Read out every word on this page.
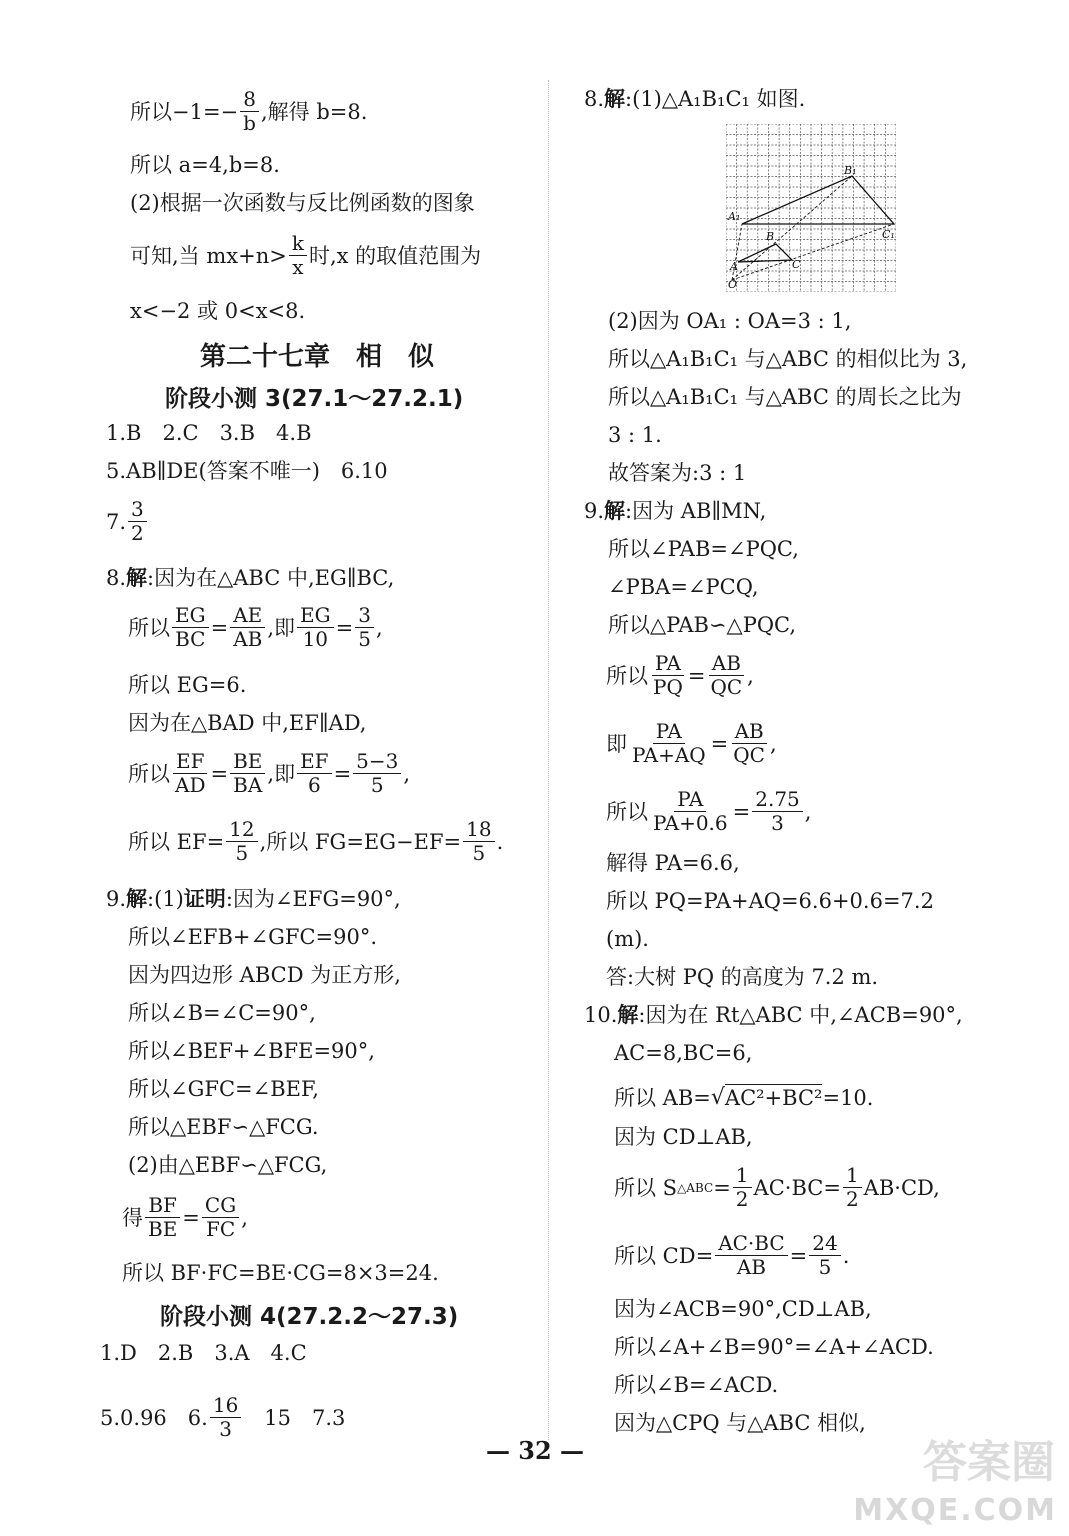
所以$-1=- \frac{8}{b}$ ,解得 b=8.
所以 a=4,b=8.
(2)根据一次函数与反比例函数的图象
可知,当 $mx+n> \frac{k}{x}$ 时,x 的取值范围为
x<−2 或 0<x<8.
第二十七章　相　似
阶段小测 3(27.1～27.2.1)
1.B　2.C　3.B　4.B
5.AB∥DE(答案不唯一)　6.10
7. $\frac{3}{2}$
8. 解 :因为在△ABC 中,EG∥BC,
所以 $\frac{EG}{BC} = \frac{AE}{AB}$ ,即 $\frac{EG}{10} = \frac{3}{5}$ ,
所以 EG=6.
因为在△BAD 中,EF∥AD,
所以 $\frac{EF}{AD} = \frac{BE}{BA}$ ,即 $\frac{EF}{6} = \frac{5-3}{5}$ ,
所以 $EF= \frac{12}{5}$ ,所以 $FG=EG-EF= \frac{18}{5}$ .
9. 解 :(1) 证明 :因为∠EFG=90°,
所以∠EFB+∠GFC=90°.
因为四边形 ABCD 为正方形,
所以∠B=∠C=90°,
所以∠BEF+∠BFE=90°,
所以∠GFC=∠BEF,
所以△EBF∽△FCG.
(2)由△EBF∽△FCG,
得 $\frac{BF}{BE} = \frac{CG}{FC}$ ,
所以 BF·FC=BE·CG=8×3=24.
阶段小测 4(27.2.2～27.3)
1.D　2.B　3.A　4.C
5.0.96　6. $\frac{16}{3}$ 　15　7.3
8. 解 :(1)△A₁B₁C₁ 如图.
B₁
A₁
C₁
B
A	C
O
(2)因为 OA₁ : OA=3 : 1,
所以△A₁B₁C₁ 与△ABC 的相似比为 3,
所以△A₁B₁C₁ 与△ABC 的周长之比为
3 : 1.
故答案为:3 : 1
9. 解 :因为 AB∥MN,
所以∠PAB=∠PQC,
∠PBA=∠PCQ,
所以△PAB∽△PQC,
所以 $\frac{PA}{PQ} = \frac{AB}{QC}$ ,
即 $\frac{PA}{PA+AQ} = \frac{AB}{QC}$ ,
所以 $\frac{PA}{PA+0.6} = \frac{2.75}{3}$ ,
解得 PA=6.6,
所以 PQ=PA+AQ=6.6+0.6=7.2
(m).
答:大树 PQ 的高度为 7.2 m.
10. 解 :因为在 Rt△ABC 中,∠ACB=90°,
AC=8,BC=6,
所以 AB= √ AC²+BC² =10.
因为 CD⊥AB,
所以 S △ABC = $\frac{1}{2} AC\cdot BC= \frac{1}{2} AB\cdot CD$,
所以 $CD= \frac{AC\cdot BC}{AB} = \frac{24}{5}$ .
因为∠ACB=90°,CD⊥AB,
所以∠A+∠B=90°=∠A+∠ACD.
所以∠B=∠ACD.
因为△CPQ 与△ABC 相似,
— 32 —	答案圈
MXQE.COM
